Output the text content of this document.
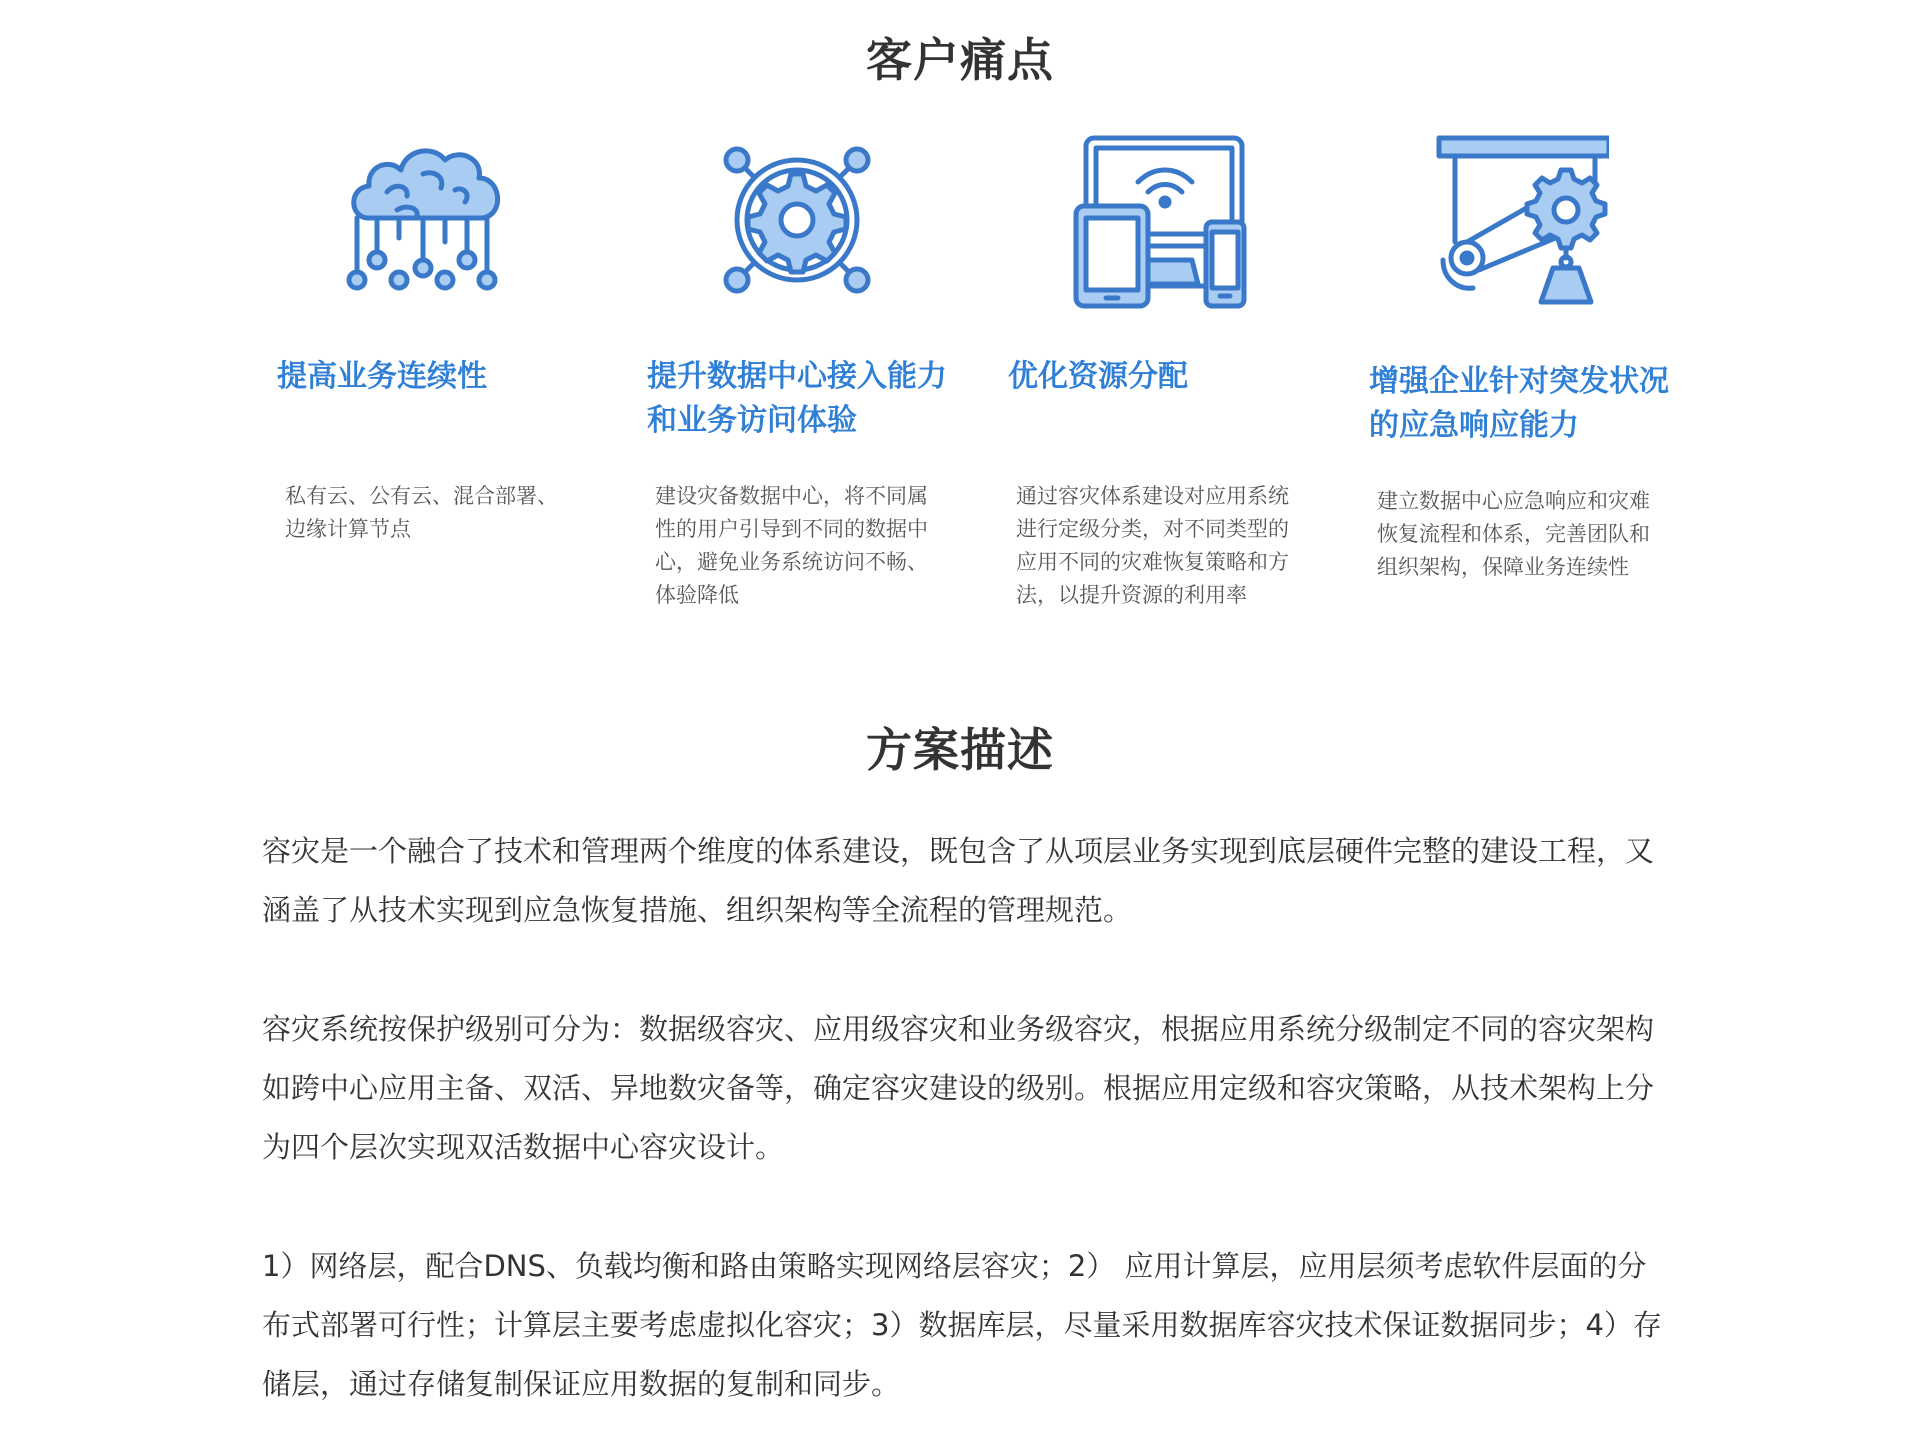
客户痛点
提高业务连续性

私有云、公有云、混合部署、边缘计算节点

提升数据中心接入能力和业务访问体验

建设灾备数据中心，将不同属性的用户引导到不同的数据中心，避免业务系统访问不畅、体验降低

优化资源分配

通过容灾体系建设对应用系统进行定级分类，对不同类型的应用不同的灾难恢复策略和方法，以提升资源的利用率

增强企业针对突发状况的应急响应能力

建立数据中心应急响应和灾难恢复流程和体系，完善团队和组织架构，保障业务连续性

方案描述

容灾是一个融合了技术和管理两个维度的体系建设，既包含了从项层业务实现到底层硬件完整的建设工程，又涵盖了从技术实现到应急恢复措施、组织架构等全流程的管理规范。

容灾系统按保护级别可分为：数据级容灾、应用级容灾和业务级容灾，根据应用系统分级制定不同的容灾架构如跨中心应用主备、双活、异地数灾备等，确定容灾建设的级别。根据应用定级和容灾策略，从技术架构上分为四个层次实现双活数据中心容灾设计。

1）网络层，配合DNS、负载均衡和路由策略实现网络层容灾；2） 应用计算层，应用层须考虑软件层面的分布式部署可行性；计算层主要考虑虚拟化容灾；3）数据库层，尽量采用数据库容灾技术保证数据同步；4）存储层，通过存储复制保证应用数据的复制和同步。
